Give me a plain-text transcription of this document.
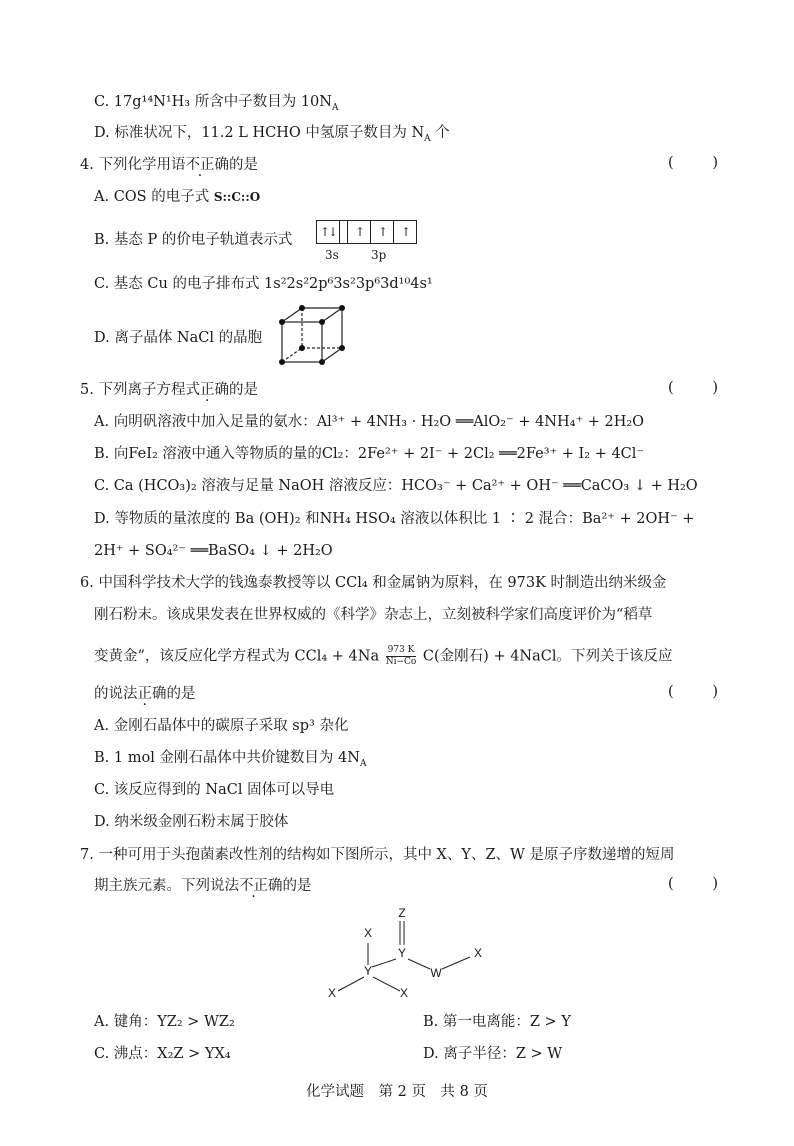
C. 17g¹⁴N¹H₃ 所含中子数目为 $10N_A$
D. 标准状况下，11.2 L HCHO 中氢原子数目为 $N_A$ 个
4. 下列化学用语不正确的是	(	)
A. COS 的电子式 S::C::O
B. 基态 P 的价电子轨道表示式 ↑↓	↑	↑	↑
3s	3p
C. 基态 Cu 的电子排布式 1s²2s²2p⁶3s²3p⁶3d¹⁰4s¹
D. 离子晶体 NaCl 的晶胞
5. 下列离子方程式正确的是	(	)
A. 向明矾溶液中加入足量的氨水：Al³⁺ + 4NH₃ · H₂O ══AlO₂⁻ + 4NH₄⁺ + 2H₂O
B. 向FeI₂ 溶液中通入等物质的量的Cl₂：2Fe²⁺ + 2I⁻ + 2Cl₂ ══2Fe³⁺ + I₂ + 4Cl⁻
C. Ca (HCO₃)₂ 溶液与足量 NaOH 溶液反应：HCO₃⁻ + Ca²⁺ + OH⁻ ══CaCO₃ ↓ + H₂O
D. 等物质的量浓度的 Ba (OH)₂ 和NH₄ HSO₄ 溶液以体积比 1 ∶ 2 混合：Ba²⁺ + 2OH⁻ +
2H⁺ + SO₄²⁻ ══BaSO₄ ↓ + 2H₂O
6. 中国科学技术大学的钱逸泰教授等以 CCl₄ 和金属钠为原料，在 973K 时制造出纳米级金
刚石粉末。该成果发表在世界权威的《科学》杂志上，立刻被科学家们高度评价为“稻草
变黄金”，该反应化学方程式为 $CCl_4 + 4Na \frac{973 K}{Ni-Co} C$(金刚石) + 4NaCl。下列关于该反应
的说法正确的是	(	)
A. 金刚石晶体中的碳原子采取 sp³ 杂化
B. 1 mol 金刚石晶体中共价键数目为 $4N_A$
C. 该反应得到的 NaCl 固体可以导电
D. 纳米级金刚石粉末属于胶体
7. 一种可用于头孢菌素改性剂的结构如下图所示，其中 X、Y、Z、W 是原子序数递增的短周
期主族元素。下列说法不正确的是	(	)
Z
X
Y
Y	W
X
X	X
A. 键角：YZ₂ > WZ₂	B. 第一电离能：Z > Y
C. 沸点：X₂Z > YX₄	D. 离子半径：Z > W
化学试题　第 2 页　共 8 页
